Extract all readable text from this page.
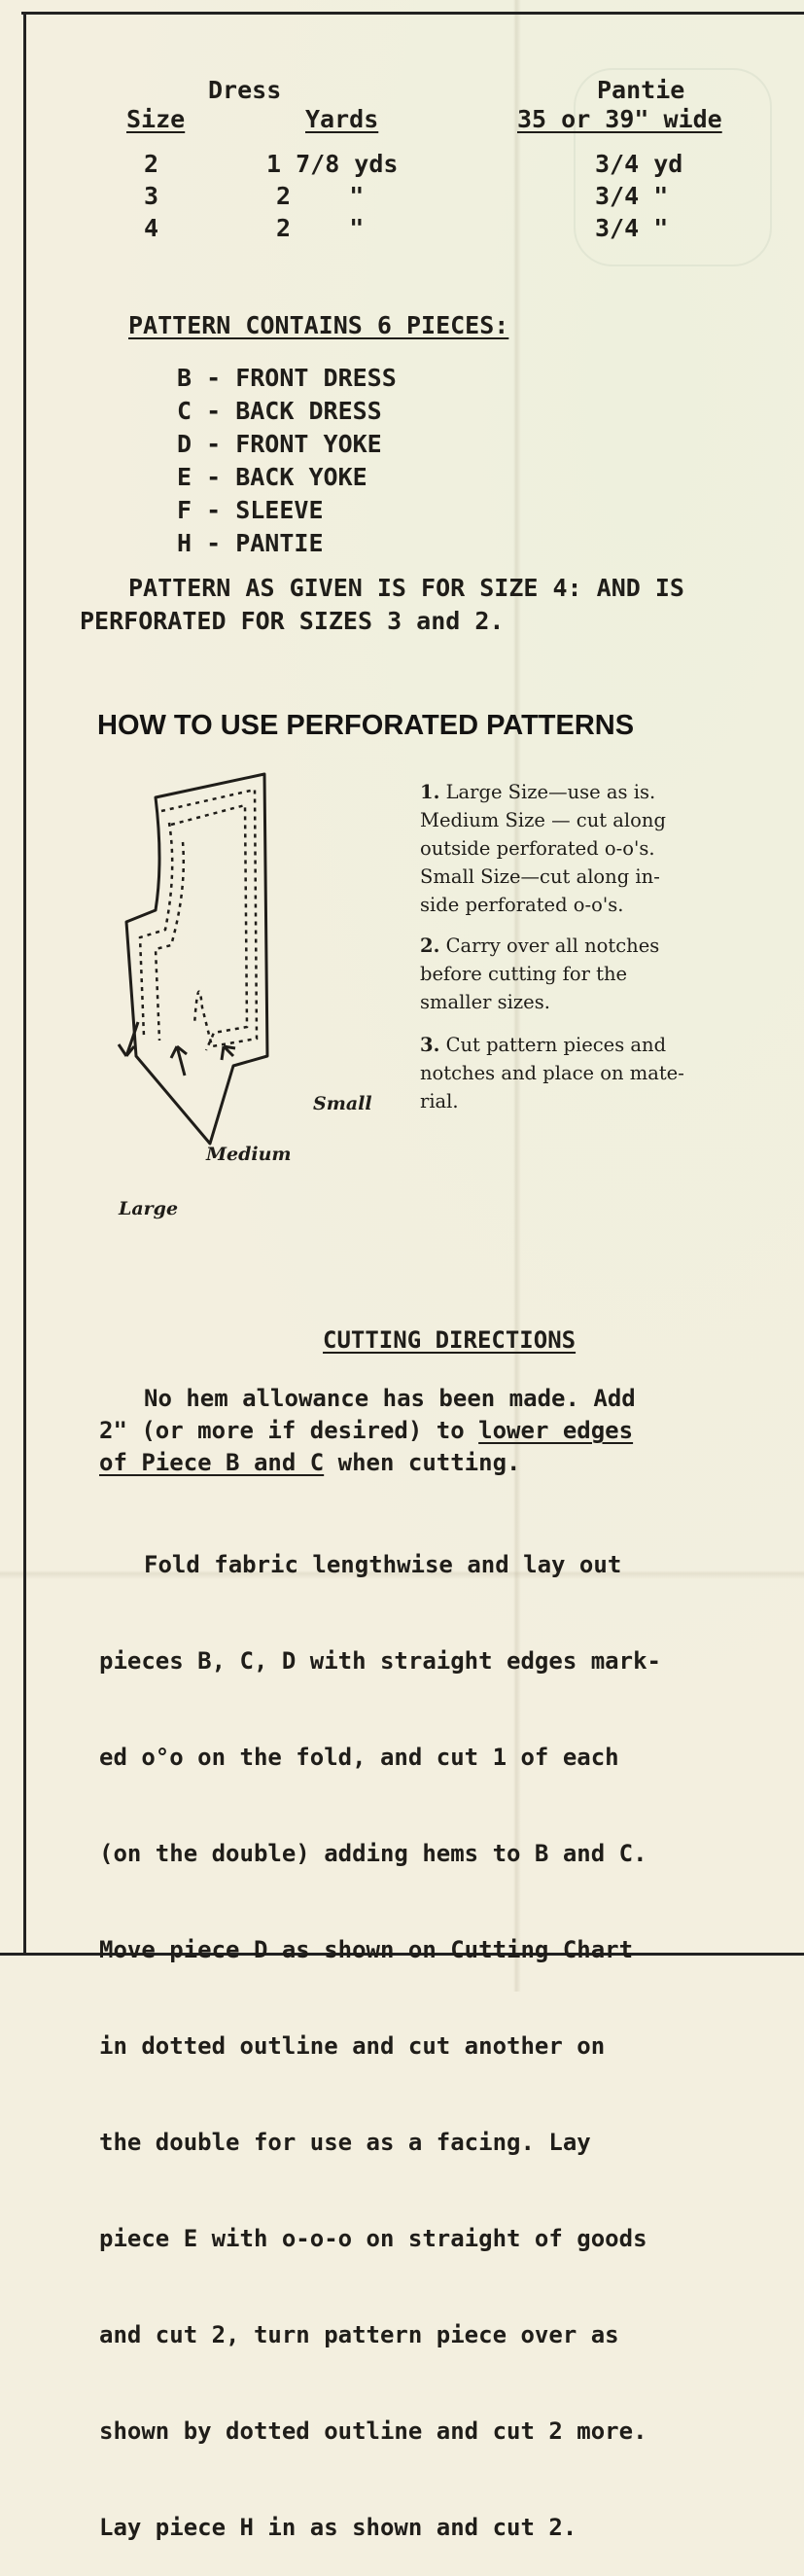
Dress	Pantie
Size	Yards	35 or 39" wide
2	1 7/8 yds	3/4 yd
3	2    "	3/4 "
4	2    "	3/4 "
PATTERN CONTAINS 6 PIECES:
B - FRONT DRESS
C - BACK DRESS
D - FRONT YOKE
E - BACK YOKE
F - SLEEVE
H - PANTIE
PATTERN AS GIVEN IS FOR SIZE 4: AND IS
PERFORATED FOR SIZES 3 and 2.
HOW TO USE PERFORATED PATTERNS
Small
Medium
Large

1. Large Size—use as is.

Medium Size — cut along

outside perforated o-o's.

Small Size—cut along in-

side perforated o-o's.

2. Carry over all notches

before cutting for the

smaller sizes.

3. Cut pattern pieces and

notches and place on mate-

rial.

CUTTING DIRECTIONS
No hem allowance has been made. Add
2" (or more if desired) to lower edges
of Piece B and C when cutting.

Fold fabric lengthwise and lay out

pieces B, C, D with straight edges mark-

ed o°o on the fold, and cut 1 of each

(on the double) adding hems to B and C.

Move piece D as shown on Cutting Chart

in dotted outline and cut another on

the double for use as a facing. Lay

piece E with o-o-o on straight of goods

and cut 2, turn pattern piece over as

shown by dotted outline and cut 2 more.

Lay piece H in as shown and cut 2.
